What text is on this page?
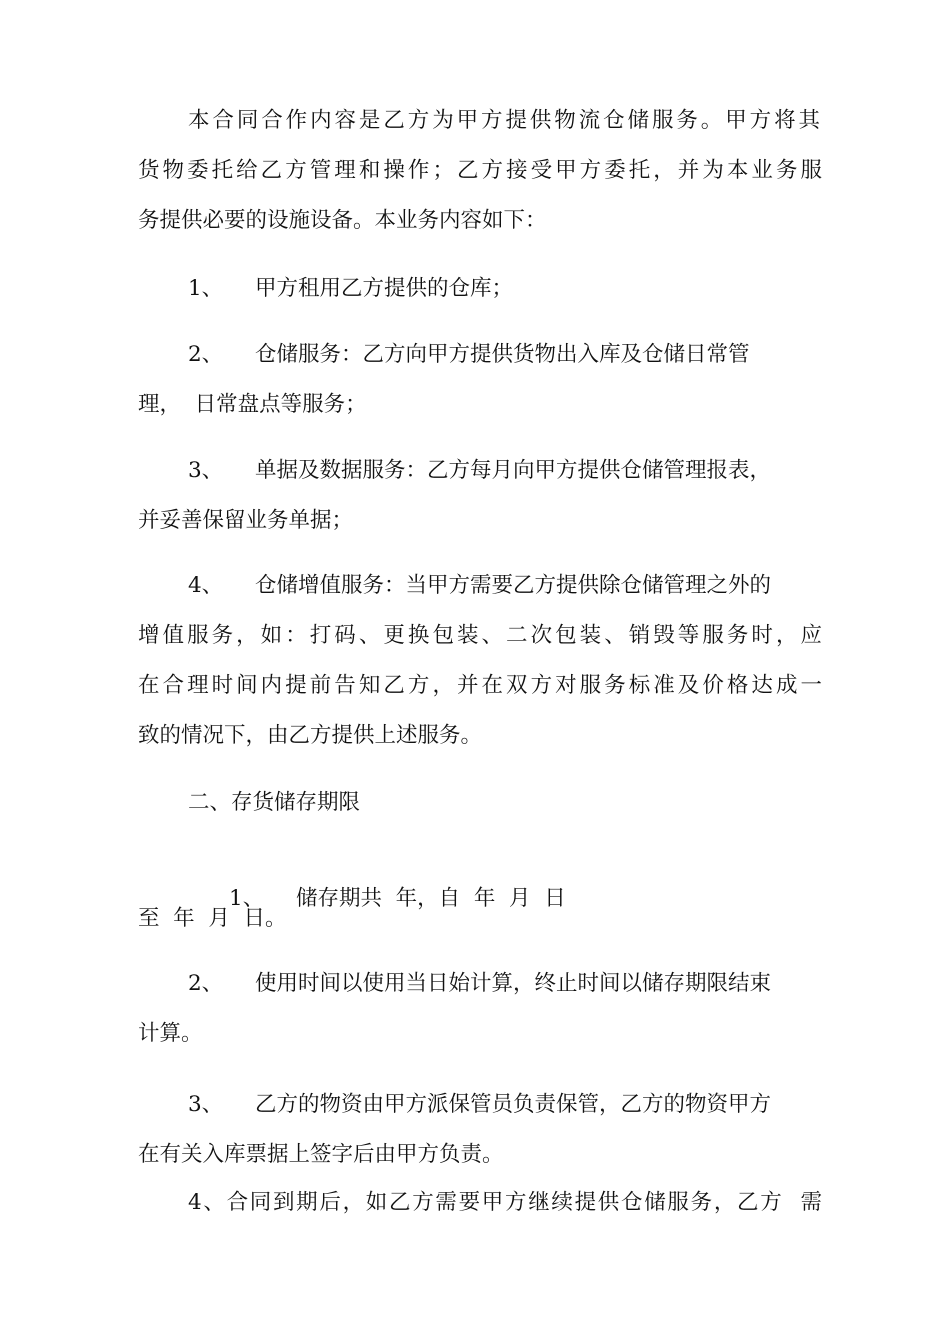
本合同合作内容是乙方为甲方提供物流仓储服务。甲方将其
货物委托给乙方管理和操作；乙方接受甲方委托，并为本业务服
务提供必要的设施设备。本业务内容如下：
1、 甲方租用乙方提供的仓库；
2、 仓储服务：乙方向甲方提供货物出入库及仓储日常管
理，  日常盘点等服务；
3、 单据及数据服务：乙方每月向甲方提供仓储管理报表，
并妥善保留业务单据；
4、 仓储增值服务：当甲方需要乙方提供除仓储管理之外的
增值服务，如：打码、更换包装、二次包装、销毁等服务时，应
在合理时间内提前告知乙方，并在双方对服务标准及价格达成一
致的情况下，由乙方提供上述服务。
二、存货储存期限

1、 储存期共  年，自  年  月  日

至  年  月  日。
2、 使用时间以使用当日始计算，终止时间以储存期限结束
计算。
3、 乙方的物资由甲方派保管员负责保管，乙方的物资甲方
在有关入库票据上签字后由甲方负责。
4、合同到期后，如乙方需要甲方继续提供仓储服务，乙方  需
